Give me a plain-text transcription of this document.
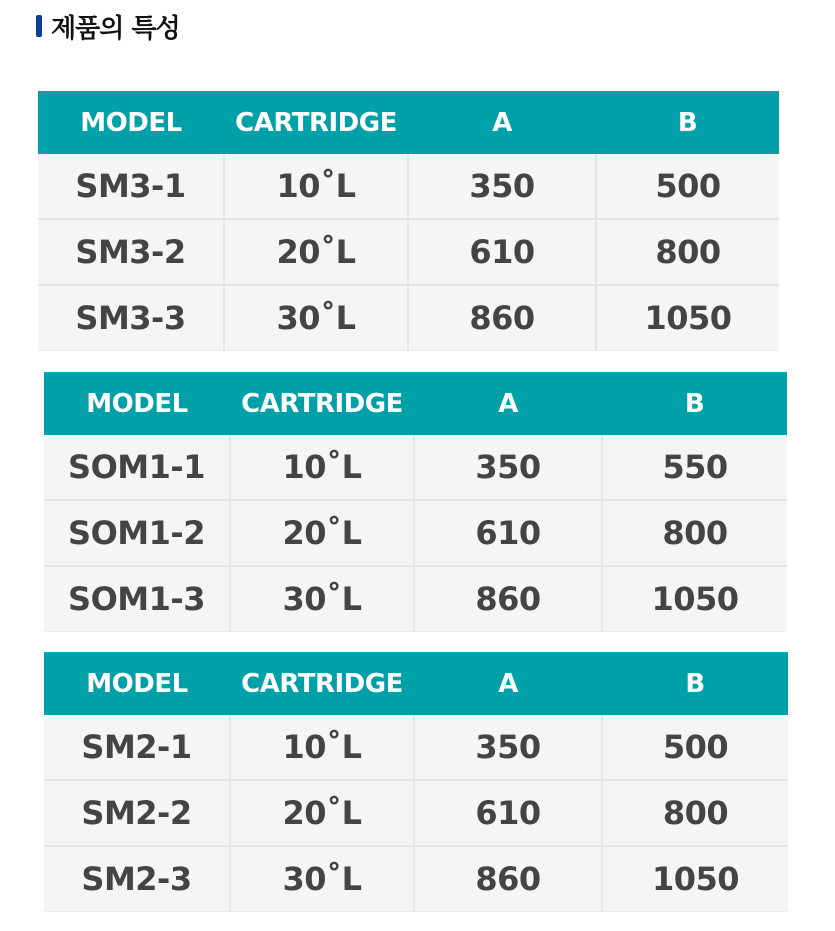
제품의 특성
MODEL	CARTRIDGE	A	B
SM3-1	10˚L	350	500
SM3-2	20˚L	610	800
SM3-3	30˚L	860	1050
MODEL	CARTRIDGE	A	B
SOM1-1	10˚L	350	550
SOM1-2	20˚L	610	800
SOM1-3	30˚L	860	1050
MODEL	CARTRIDGE	A	B
SM2-1	10˚L	350	500
SM2-2	20˚L	610	800
SM2-3	30˚L	860	1050
